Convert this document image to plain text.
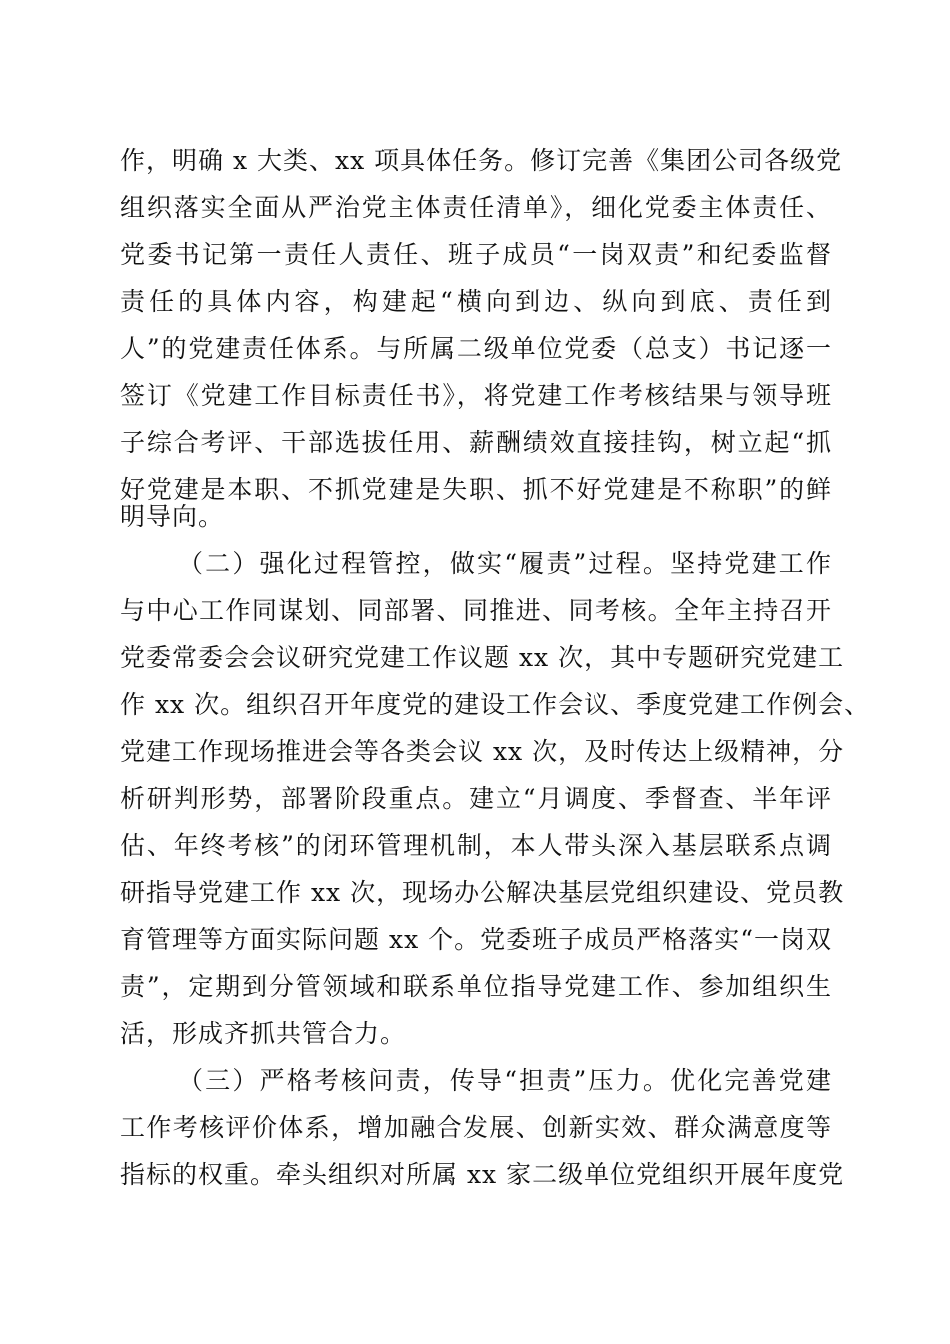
作，明确 x 大类、xx 项具体任务。修订完善《集团公司各级党
组织落实全面从严治党主体责任清单》，细化党委主体责任、
党委书记第一责任人责任、班子成员“一岗双责”和纪委监督
责任的具体内容，构建起“横向到边、纵向到底、责任到
人”的党建责任体系。与所属二级单位党委（总支）书记逐一
签订《党建工作目标责任书》，将党建工作考核结果与领导班
子综合考评、干部选拔任用、薪酬绩效直接挂钩，树立起“抓
好党建是本职、不抓党建是失职、抓不好党建是不称职”的鲜
明导向。
（二）强化过程管控，做实“履责”过程。坚持党建工作
与中心工作同谋划、同部署、同推进、同考核。全年主持召开
党委常委会会议研究党建工作议题 xx 次，其中专题研究党建工
作 xx 次。组织召开年度党的建设工作会议、季度党建工作例会、
党建工作现场推进会等各类会议 xx 次，及时传达上级精神，分
析研判形势，部署阶段重点。建立“月调度、季督查、半年评
估、年终考核”的闭环管理机制，本人带头深入基层联系点调
研指导党建工作 xx 次，现场办公解决基层党组织建设、党员教
育管理等方面实际问题 xx 个。党委班子成员严格落实“一岗双
责”，定期到分管领域和联系单位指导党建工作、参加组织生
活，形成齐抓共管合力。
（三）严格考核问责，传导“担责”压力。优化完善党建
工作考核评价体系，增加融合发展、创新实效、群众满意度等
指标的权重。牵头组织对所属 xx 家二级单位党组织开展年度党
